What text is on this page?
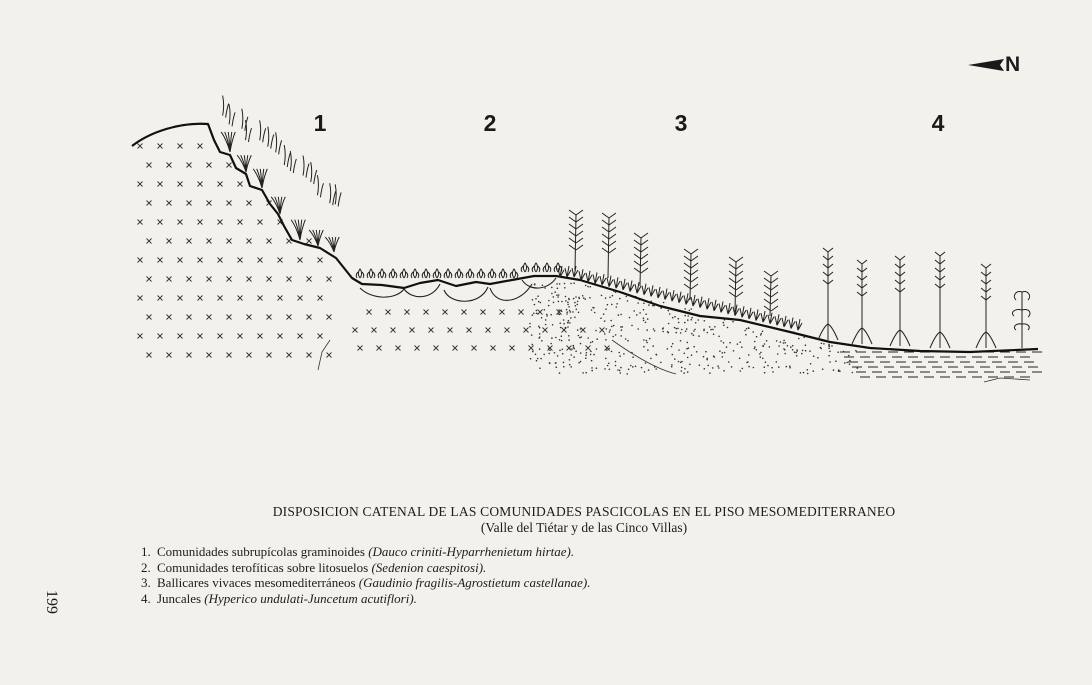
1	2	3	4
N
DISPOSICION CATENAL DE LAS COMUNIDADES PASCICOLAS EN EL PISO MESOMEDITERRANEO
(Valle del Tiétar y de las Cinco Villas)
1. Comunidades subrupícolas graminoides (Dauco criniti-Hyparrhenietum hirtae).
2. Comunidades terofíticas sobre litosuelos (Sedenion caespitosi).
3. Ballicares vivaces mesomediterráneos (Gaudinio fragilis-Agrostietum castellanae).
4. Juncales (Hyperico undulati-Juncetum acutiflori).
199
